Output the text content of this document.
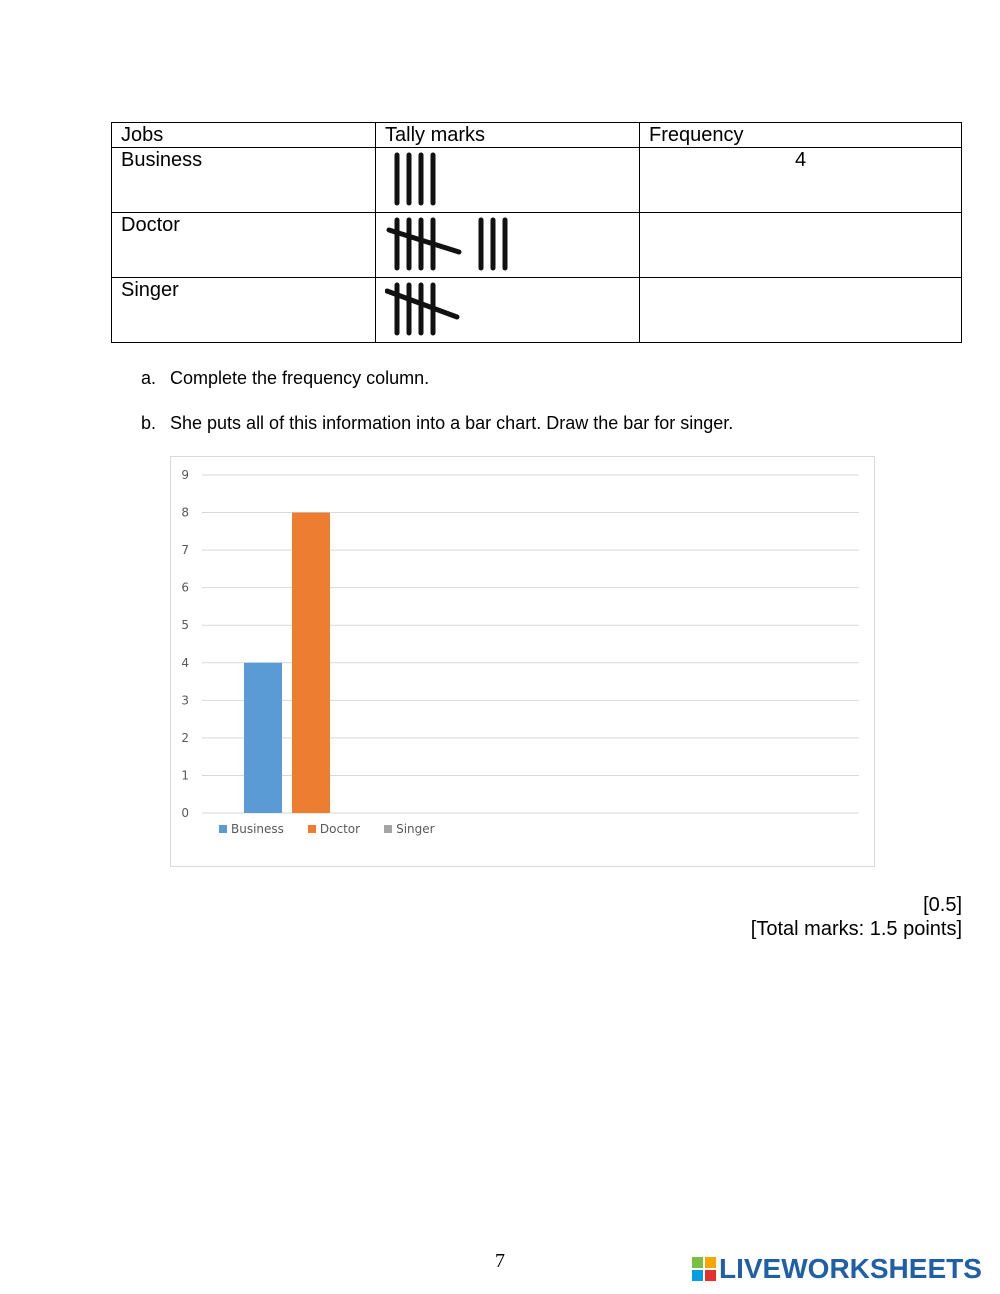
Jobs	Tally marks	Frequency
Business		4
Doctor	

Singer	

a. Complete the frequency column.
b. She puts all of this information into a bar chart. Draw the bar for singer.
0
1
2
3
4
5
6
7
8
9
Business	Doctor	Singer
[0.5]
[Total marks: 1.5 points]
7	LIVEWORKSHEETS
